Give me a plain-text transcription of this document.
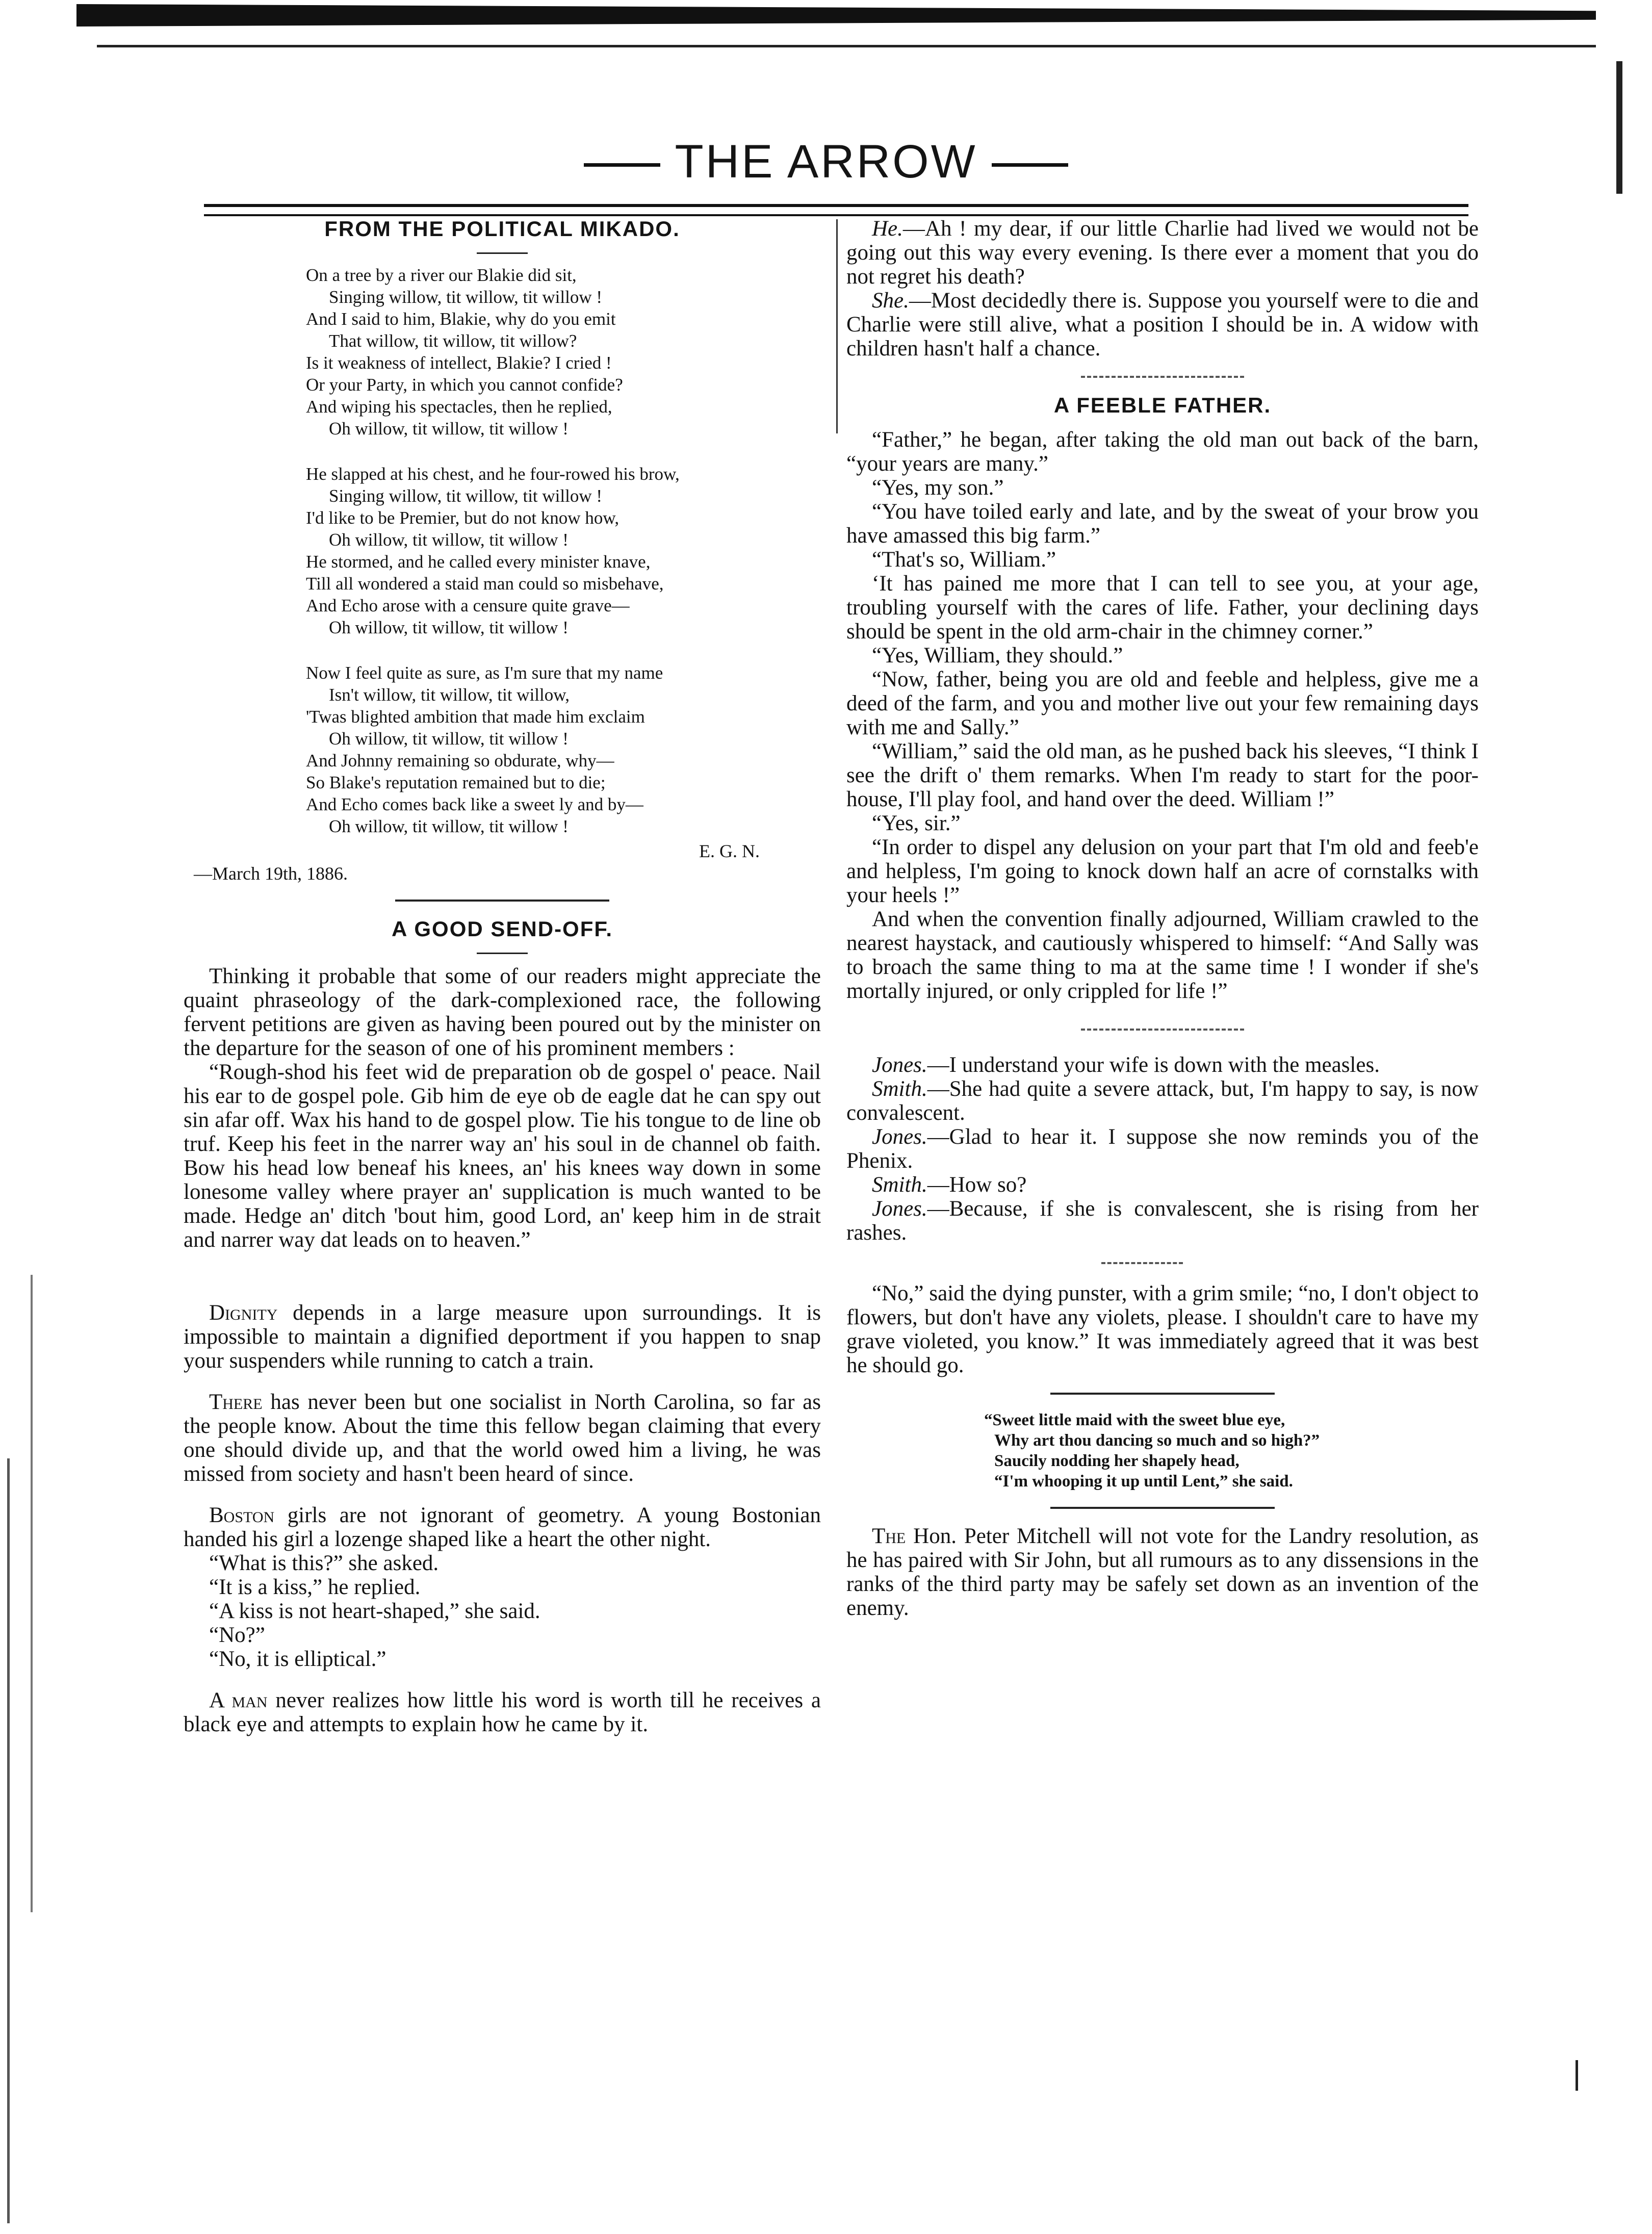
THE ARROW
FROM THE POLITICAL MIKADO.

On a tree by a river our Blakie did sit,

Singing willow, tit willow, tit willow !

And I said to him, Blakie, why do you emit

That willow, tit willow, tit willow?

Is it weakness of intellect, Blakie? I cried !

Or your Party, in which you cannot confide?

And wiping his spectacles, then he replied,

Oh willow, tit willow, tit willow !

He slapped at his chest, and he four-rowed his brow,

Singing willow, tit willow, tit willow !

I'd like to be Premier, but do not know how,

Oh willow, tit willow, tit willow !

He stormed, and he called every minister knave,

Till all wondered a staid man could so misbehave,

And Echo arose with a censure quite grave—

Oh willow, tit willow, tit willow !

Now I feel quite as sure, as I'm sure that my name

Isn't willow, tit willow, tit willow,

'Twas blighted ambition that made him exclaim

Oh willow, tit willow, tit willow !

And Johnny remaining so obdurate, why—

So Blake's reputation remained but to die;

And Echo comes back like a sweet ly and by—

Oh willow, tit willow, tit willow !

E. G. N.

—March 19th, 1886.

A GOOD SEND-OFF.

Thinking it probable that some of our readers might appreciate the quaint phraseology of the dark-complexioned race, the following fervent petitions are given as having been poured out by the minister on the departure for the season of one of his prominent members :

“Rough-shod his feet wid de preparation ob de gospel o' peace. Nail his ear to de gospel pole. Gib him de eye ob de eagle dat he can spy out sin afar off. Wax his hand to de gospel plow. Tie his tongue to de line ob truf. Keep his feet in the narrer way an' his soul in de channel ob faith. Bow his head low beneaf his knees, an' his knees way down in some lonesome valley where prayer an' supplication is much wanted to be made. Hedge an' ditch 'bout him, good Lord, an' keep him in de strait and narrer way dat leads on to heaven.”

Dignity depends in a large measure upon surroundings. It is impossible to maintain a dignified deportment if you happen to snap your suspenders while running to catch a train.

There has never been but one socialist in North Carolina, so far as the people know. About the time this fellow began claiming that every one should divide up, and that the world owed him a living, he was missed from society and hasn't been heard of since.

Boston girls are not ignorant of geometry. A young Bostonian handed his girl a lozenge shaped like a heart the other night.

“What is this?” she asked.

“It is a kiss,” he replied.

“A kiss is not heart-shaped,” she said.

“No?”

“No, it is elliptical.”

A man never realizes how little his word is worth till he receives a black eye and attempts to explain how he came by it.

He.—Ah ! my dear, if our little Charlie had lived we would not be going out this way every evening. Is there ever a moment that you do not regret his death?

She.—Most decidedly there is. Suppose you yourself were to die and Charlie were still alive, what a position I should be in. A widow with children hasn't half a chance.

A FEEBLE FATHER.

“Father,” he began, after taking the old man out back of the barn, “your years are many.”

“Yes, my son.”

“You have toiled early and late, and by the sweat of your brow you have amassed this big farm.”

“That's so, William.”

‘It has pained me more that I can tell to see you, at your age, troubling yourself with the cares of life. Father, your declining days should be spent in the old arm-chair in the chimney corner.”

“Yes, William, they should.”

“Now, father, being you are old and feeble and helpless, give me a deed of the farm, and you and mother live out your few remaining days with me and Sally.”

“William,” said the old man, as he pushed back his sleeves, “I think I see the drift o' them remarks. When I'm ready to start for the poor-house, I'll play fool, and hand over the deed. William !”

“Yes, sir.”

“In order to dispel any delusion on your part that I'm old and feeb'e and helpless, I'm going to knock down half an acre of cornstalks with your heels !”

And when the convention finally adjourned, William crawled to the nearest haystack, and cautiously whispered to himself: “And Sally was to broach the same thing to ma at the same time ! I wonder if she's mortally injured, or only crippled for life !”

Jones.—I understand your wife is down with the measles.

Smith.—She had quite a severe attack, but, I'm happy to say, is now convalescent.

Jones.—Glad to hear it. I suppose she now reminds you of the Phenix.

Smith.—How so?

Jones.—Because, if she is convalescent, she is rising from her rashes.

“No,” said the dying punster, with a grim smile; “no, I don't object to flowers, but don't have any violets, please. I shouldn't care to have my grave violeted, you know.” It was immediately agreed that it was best he should go.

“Sweet little maid with the sweet blue eye,

Why art thou dancing so much and so high?”

Saucily nodding her shapely head,

“I'm whooping it up until Lent,” she said.

The Hon. Peter Mitchell will not vote for the Landry resolution, as he has paired with Sir John, but all rumours as to any dissensions in the ranks of the third party may be safely set down as an invention of the enemy.
